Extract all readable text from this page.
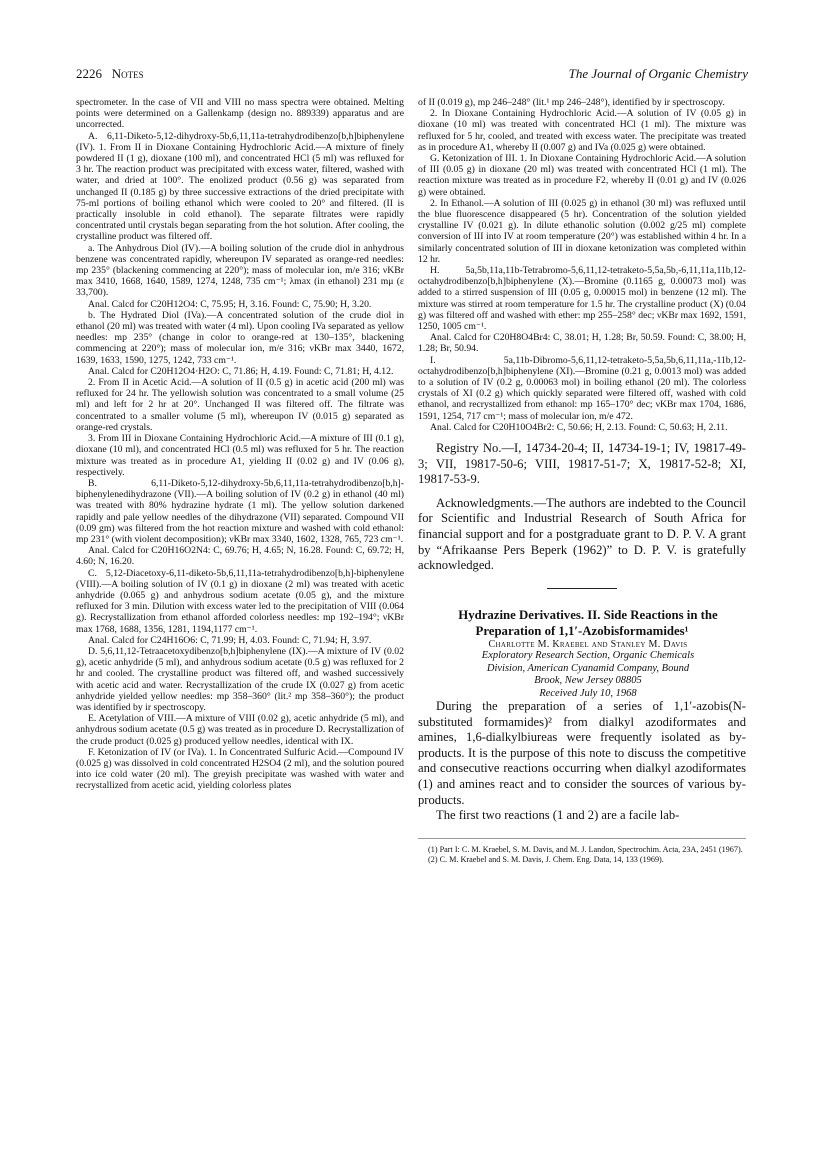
2226 Notes	The Journal of Organic Chemistry

spectrometer. In the case of VII and VIII no mass spectra were obtained. Melting points were determined on a Gallenkamp (design no. 889339) apparatus and are uncorrected.

A. 6,11-Diketo-5,12-dihydroxy-5b,6,11,11a-tetrahydrodibenzo[b,h]biphenylene (IV). 1. From II in Dioxane Containing Hydrochloric Acid.—A mixture of finely powdered II (1 g), dioxane (100 ml), and concentrated HCl (5 ml) was refluxed for 3 hr. The reaction product was precipitated with excess water, filtered, washed with water, and dried at 100°. The enolized product (0.56 g) was separated from unchanged II (0.185 g) by three successive extractions of the dried precipitate with 75-ml portions of boiling ethanol which were cooled to 20° and filtered. (II is practically insoluble in cold ethanol). The separate filtrates were rapidly concentrated until crystals began separating from the hot solution. After cooling, the crystalline product was filtered off.

a. The Anhydrous Diol (IV).—A boiling solution of the crude diol in anhydrous benzene was concentrated rapidly, whereupon IV separated as orange-red needles: mp 235° (blackening commencing at 220°); mass of molecular ion, m/e 316; νKBr max 3410, 1668, 1640, 1589, 1274, 1248, 735 cm⁻¹; λmax (in ethanol) 231 mμ (ε 33,700).

Anal. Calcd for C20H12O4: C, 75.95; H, 3.16. Found: C, 75.90; H, 3.20.

b. The Hydrated Diol (IVa).—A concentrated solution of the crude diol in ethanol (20 ml) was treated with water (4 ml). Upon cooling IVa separated as yellow needles: mp 235° (change in color to orange-red at 130–135°, blackening commencing at 220°); mass of molecular ion, m/e 316; νKBr max 3440, 1672, 1639, 1633, 1590, 1275, 1242, 733 cm⁻¹.

Anal. Calcd for C20H12O4·H2O: C, 71.86; H, 4.19. Found: C, 71.81; H, 4.12.

2. From II in Acetic Acid.—A solution of II (0.5 g) in acetic acid (200 ml) was refluxed for 24 hr. The yellowish solution was concentrated to a small volume (25 ml) and left for 2 hr at 20°. Unchanged II was filtered off. The filtrate was concentrated to a smaller volume (5 ml), whereupon IV (0.015 g) separated as orange-red crystals.

3. From III in Dioxane Containing Hydrochloric Acid.—A mixture of III (0.1 g), dioxane (10 ml), and concentrated HCl (0.5 ml) was refluxed for 5 hr. The reaction mixture was treated as in procedure A1, yielding II (0.02 g) and IV (0.06 g), respectively.

B. 6,11-Diketo-5,12-dihydroxy-5b,6,11,11a-tetrahydrodibenzo[b,h]-biphenylenedihydrazone (VII).—A boiling solution of IV (0.2 g) in ethanol (40 ml) was treated with 80% hydrazine hydrate (1 ml). The yellow solution darkened rapidly and pale yellow needles of the dihydrazone (VII) separated. Compound VII (0.09 gm) was filtered from the hot reaction mixture and washed with cold ethanol: mp 231° (with violent decomposition); νKBr max 3340, 1602, 1328, 765, 723 cm⁻¹.

Anal. Calcd for C20H16O2N4: C, 69.76; H, 4.65; N, 16.28. Found: C, 69.72; H, 4.60; N, 16.20.

C. 5,12-Diacetoxy-6,11-diketo-5b,6,11,11a-tetrahydrodibenzo[b,h]-biphenylene (VIII).—A boiling solution of IV (0.1 g) in dioxane (2 ml) was treated with acetic anhydride (0.065 g) and anhydrous sodium acetate (0.05 g), and the mixture refluxed for 3 min. Dilution with excess water led to the precipitation of VIII (0.064 g). Recrystallization from ethanol afforded colorless needles: mp 192–194°; νKBr max 1768, 1688, 1356, 1281, 1194,1177 cm⁻¹.

Anal. Calcd for C24H16O6: C, 71.99; H, 4.03. Found: C, 71.94; H, 3.97.

D. 5,6,11,12-Tetraacetoxydibenzo[b,h]biphenylene (IX).—A mixture of IV (0.02 g), acetic anhydride (5 ml), and anhydrous sodium acetate (0.5 g) was refluxed for 2 hr and cooled. The crystalline product was filtered off, and washed successively with acetic acid and water. Recrystallization of the crude IX (0.027 g) from acetic anhydride yielded yellow needles: mp 358–360° (lit.² mp 358–360°); the product was identified by ir spectroscopy.

E. Acetylation of VIII.—A mixture of VIII (0.02 g), acetic anhydride (5 ml), and anhydrous sodium acetate (0.5 g) was treated as in procedure D. Recrystallization of the crude product (0.025 g) produced yellow needles, identical with IX.

F. Ketonization of IV (or IVa). 1. In Concentrated Sulfuric Acid.—Compound IV (0.025 g) was dissolved in cold concentrated H2SO4 (2 ml), and the solution poured into ice cold water (20 ml). The greyish precipitate was washed with water and recrystallized from acetic acid, yielding colorless plates

of II (0.019 g), mp 246–248° (lit.¹ mp 246–248°), identified by ir spectroscopy.

2. In Dioxane Containing Hydrochloric Acid.—A solution of IV (0.05 g) in dioxane (10 ml) was treated with concentrated HCl (1 ml). The mixture was refluxed for 5 hr, cooled, and treated with excess water. The precipitate was treated as in procedure A1, whereby II (0.007 g) and IVa (0.025 g) were obtained.

G. Ketonization of III. 1. In Dioxane Containing Hydrochloric Acid.—A solution of III (0.05 g) in dioxane (20 ml) was treated with concentrated HCl (1 ml). The reaction mixture was treated as in procedure F2, whereby II (0.01 g) and IV (0.026 g) were obtained.

2. In Ethanol.—A solution of III (0.025 g) in ethanol (30 ml) was refluxed until the blue fluorescence disappeared (5 hr). Concentration of the solution yielded crystalline IV (0.021 g). In dilute ethanolic solution (0.002 g/25 ml) complete conversion of III into IV at room temperature (20°) was established within 4 hr. In a similarly concentrated solution of III in dioxane ketonization was completed within 12 hr.

H. 5a,5b,11a,11b-Tetrabromo-5,6,11,12-tetraketo-5,5a,5b,-6,11,11a,11b,12-octahydrodibenzo[b,h]biphenylene (X).—Bromine (0.1165 g, 0.00073 mol) was added to a stirred suspension of III (0.05 g, 0.00015 mol) in benzene (12 ml). The mixture was stirred at room temperature for 1.5 hr. The crystalline product (X) (0.04 g) was filtered off and washed with ether: mp 255–258° dec; νKBr max 1692, 1591, 1250, 1005 cm⁻¹.

Anal. Calcd for C20H8O4Br4: C, 38.01; H, 1.28; Br, 50.59. Found: C, 38.00; H, 1.28; Br, 50.94.

I. 5a,11b-Dibromo-5,6,11,12-tetraketo-5,5a,5b,6,11,11a,-11b,12-octahydrodibenzo[b,h]biphenylene (XI).—Bromine (0.21 g, 0.0013 mol) was added to a solution of IV (0.2 g, 0.00063 mol) in boiling ethanol (20 ml). The colorless crystals of XI (0.2 g) which quickly separated were filtered off, washed with cold ethanol, and recrystallized from ethanol: mp 165–170° dec; νKBr max 1704, 1686, 1591, 1254, 717 cm⁻¹; mass of molecular ion, m/e 472.

Anal. Calcd for C20H10O4Br2: C, 50.66; H, 2.13. Found: C, 50.63; H, 2.11.

Registry No.—I, 14734-20-4; II, 14734-19-1; IV, 19817-49-3; VII, 19817-50-6; VIII, 19817-51-7; X, 19817-52-8; XI, 19817-53-9.

Acknowledgments.—The authors are indebted to the Council for Scientific and Industrial Research of South Africa for financial support and for a postgraduate grant to D. P. V. A grant by “Afrikaanse Pers Beperk (1962)” to D. P. V. is gratefully acknowledged.

Hydrazine Derivatives. II. Side Reactions in the Preparation of 1,1′-Azobisformamides¹

Charlotte M. Kraebel and Stanley M. Davis

Exploratory Research Section, Organic Chemicals

Division, American Cyanamid Company, Bound

Brook, New Jersey 08805

Received July 10, 1968

During the preparation of a series of 1,1′-azobis(N-substituted formamides)² from dialkyl azodiformates and amines, 1,6-dialkylbiureas were frequently isolated as by-products. It is the purpose of this note to discuss the competitive and consecutive reactions occurring when dialkyl azodiformates (1) and amines react and to consider the sources of various by-products.

The first two reactions (1 and 2) are a facile lab-

(1) Part I: C. M. Kraebel, S. M. Davis, and M. J. Landon, Spectrochim. Acta, 23A, 2451 (1967).

(2) C. M. Kraebel and S. M. Davis, J. Chem. Eng. Data, 14, 133 (1969).
